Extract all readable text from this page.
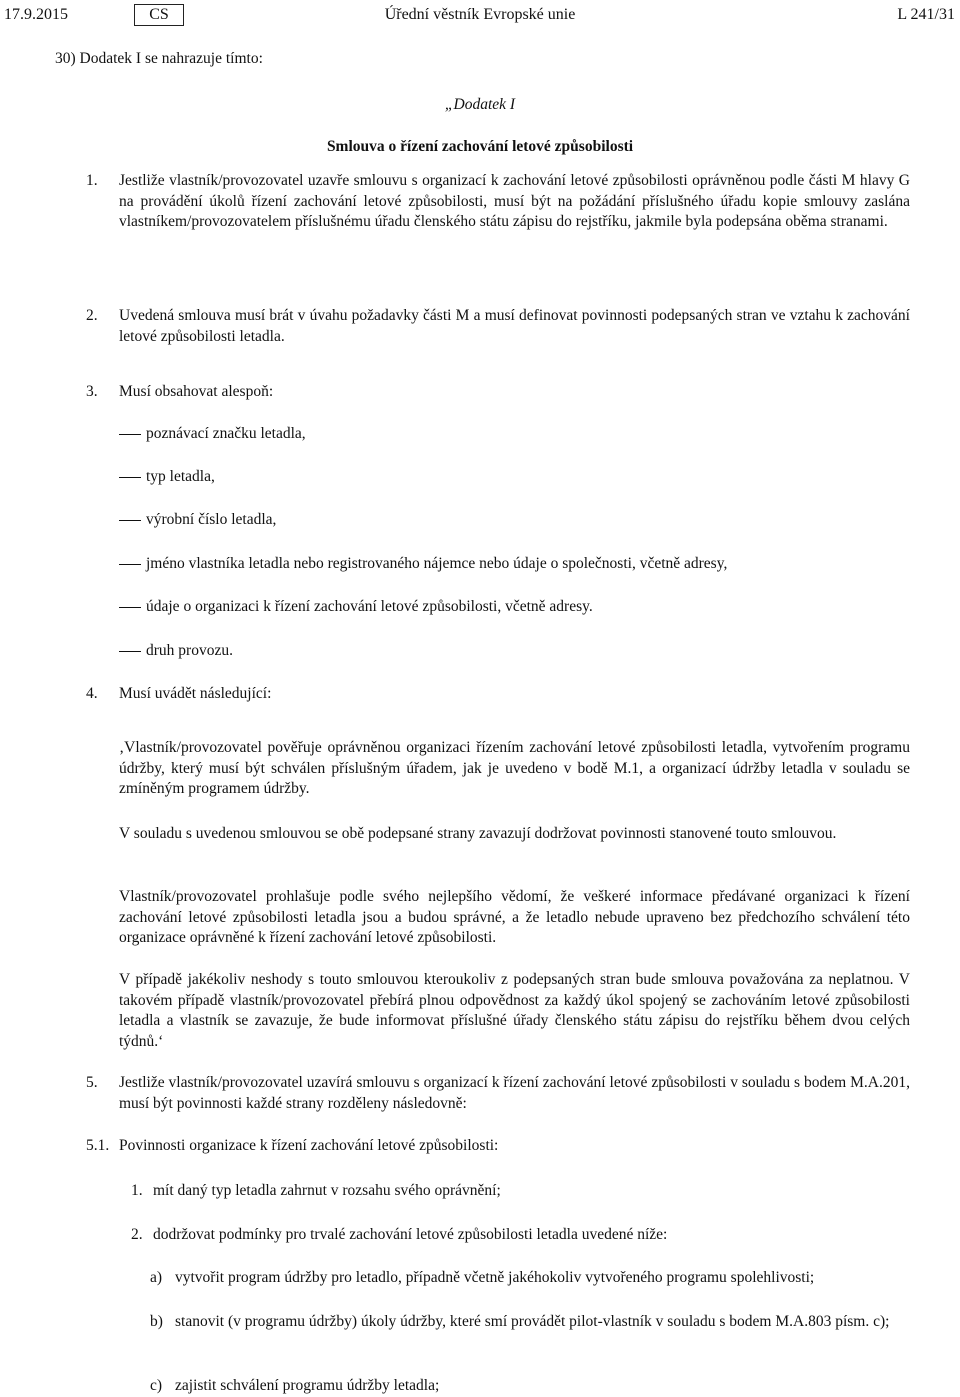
17.9.2015	CS	Úřední věstník Evropské unie	L 241/31
30) Dodatek I se nahrazuje tímto:
„Dodatek I
Smlouva o řízení zachování letové způsobilosti
1. Jestliže vlastník/provozovatel uzavře smlouvu s organizací k zachování letové způsobilosti oprávněnou podle části M hlavy G na provádění úkolů řízení zachování letové způsobilosti, musí být na požádání příslušného úřadu kopie smlouvy zaslána vlastníkem/provozovatelem příslušnému úřadu členského státu zápisu do rejstříku, jakmile byla podepsána oběma stranami.
2. Uvedená smlouva musí brát v úvahu požadavky části M a musí definovat povinnosti podepsaných stran ve vztahu k zachování letové způsobilosti letadla.
3. Musí obsahovat alespoň:
poznávací značku letadla,
typ letadla,
výrobní číslo letadla,
jméno vlastníka letadla nebo registrovaného nájemce nebo údaje o společnosti, včetně adresy,
údaje o organizaci k řízení zachování letové způsobilosti, včetně adresy.
druh provozu.
4. Musí uvádět následující:
‚Vlastník/provozovatel pověřuje oprávněnou organizaci řízením zachování letové způsobilosti letadla, vytvořením programu údržby, který musí být schválen příslušným úřadem, jak je uvedeno v bodě M.1, a organizací údržby letadla v souladu se zmíněným programem údržby.
V souladu s uvedenou smlouvou se obě podepsané strany zavazují dodržovat povinnosti stanovené touto smlouvou.
Vlastník/provozovatel prohlašuje podle svého nejlepšího vědomí, že veškeré informace předávané organizaci k řízení zachování letové způsobilosti letadla jsou a budou správné, a že letadlo nebude upraveno bez předchozího schválení této organizace oprávněné k řízení zachování letové způsobilosti.
V případě jakékoliv neshody s touto smlouvou kteroukoliv z podepsaných stran bude smlouva považována za neplatnou. V takovém případě vlastník/provozovatel přebírá plnou odpovědnost za každý úkol spojený se zachováním letové způsobilosti letadla a vlastník se zavazuje, že bude informovat příslušné úřady členského státu zápisu do rejstříku během dvou celých týdnů.‘
5. Jestliže vlastník/provozovatel uzavírá smlouvu s organizací k řízení zachování letové způsobilosti v souladu s bodem M.A.201, musí být povinnosti každé strany rozděleny následovně:
5.1. Povinnosti organizace k řízení zachování letové způsobilosti:
1. mít daný typ letadla zahrnut v rozsahu svého oprávnění;
2. dodržovat podmínky pro trvalé zachování letové způsobilosti letadla uvedené níže:
a) vytvořit program údržby pro letadlo, případně včetně jakéhokoliv vytvořeného programu spolehlivosti;
b) stanovit (v programu údržby) úkoly údržby, které smí provádět pilot-vlastník v souladu s bodem M.A.803 písm. c);
c) zajistit schválení programu údržby letadla;
